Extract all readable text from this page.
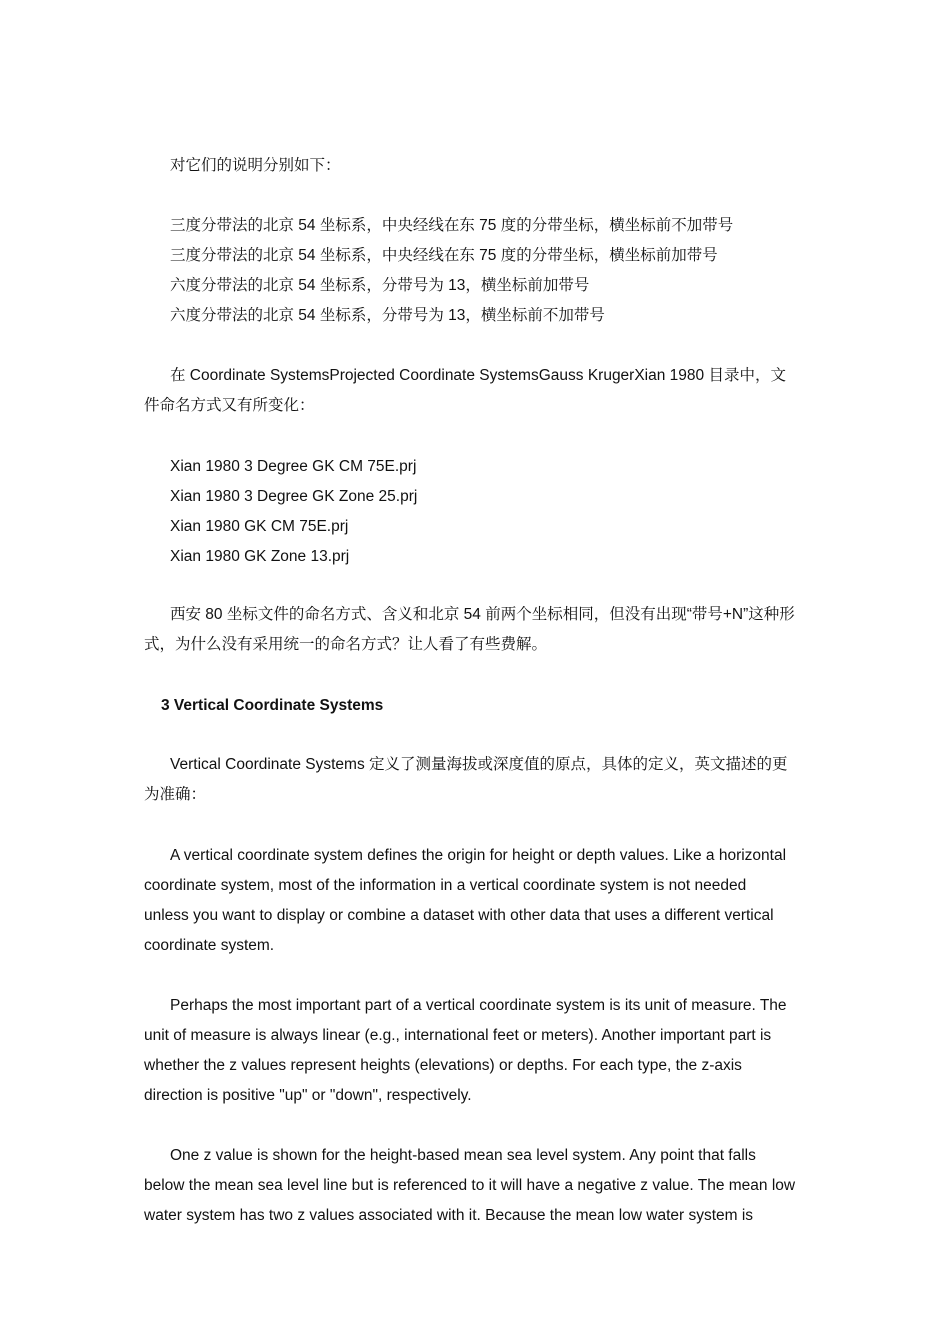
对它们的说明分别如下：
三度分带法的北京 54 坐标系，中央经线在东 75 度的分带坐标，横坐标前不加带号
三度分带法的北京 54 坐标系，中央经线在东 75 度的分带坐标，横坐标前加带号
六度分带法的北京 54 坐标系，分带号为 13，横坐标前加带号
六度分带法的北京 54 坐标系，分带号为 13，横坐标前不加带号
在 Coordinate SystemsProjected Coordinate SystemsGauss KrugerXian 1980 目录中，文
件命名方式又有所变化：
Xian 1980 3 Degree GK CM 75E.prj
Xian 1980 3 Degree GK Zone 25.prj
Xian 1980 GK CM 75E.prj
Xian 1980 GK Zone 13.prj
西安 80 坐标文件的命名方式、含义和北京 54 前两个坐标相同，但没有出现“带号+N”这种形
式，为什么没有采用统一的命名方式？让人看了有些费解。
3 Vertical Coordinate Systems
Vertical Coordinate Systems 定义了测量海拔或深度值的原点，具体的定义，英文描述的更
为准确：
A vertical coordinate system defines the origin for height or depth values. Like a horizontal
coordinate system, most of the information in a vertical coordinate system is not needed
unless you want to display or combine a dataset with other data that uses a different vertical
coordinate system.
Perhaps the most important part of a vertical coordinate system is its unit of measure. The
unit of measure is always linear (e.g., international feet or meters). Another important part is
whether the z values represent heights (elevations) or depths. For each type, the z-axis
direction is positive "up" or "down", respectively.
One z value is shown for the height-based mean sea level system. Any point that falls
below the mean sea level line but is referenced to it will have a negative z value. The mean low
water system has two z values associated with it. Because the mean low water system is
